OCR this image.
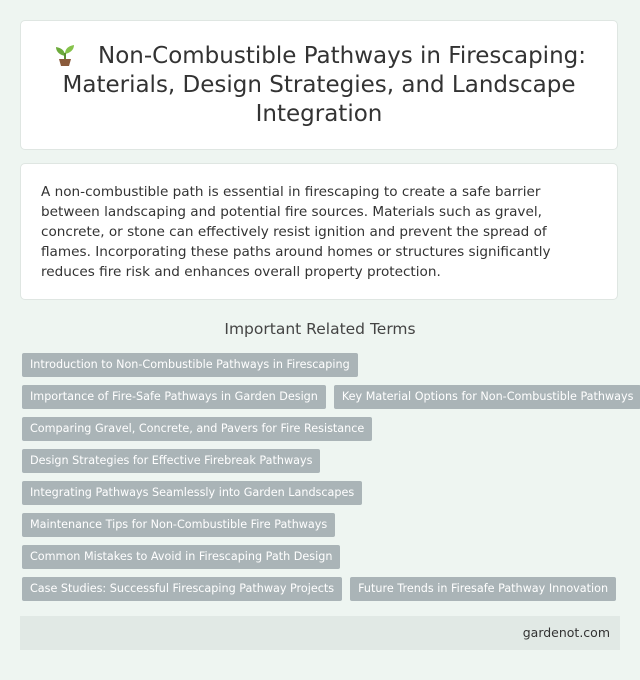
Non-Combustible Pathways in Firescaping: Materials, Design Strategies, and Landscape Integration

A non-combustible path is essential in firescaping to create a safe barrier between landscaping and potential fire sources. Materials such as gravel, concrete, or stone can effectively resist ignition and prevent the spread of flames. Incorporating these paths around homes or structures significantly reduces fire risk and enhances overall property protection.

Important Related Terms
Introduction to Non-Combustible Pathways in Firescaping
Importance of Fire-Safe Pathways in Garden Design	Key Material Options for Non-Combustible Pathways
Comparing Gravel, Concrete, and Pavers for Fire Resistance
Design Strategies for Effective Firebreak Pathways
Integrating Pathways Seamlessly into Garden Landscapes
Maintenance Tips for Non-Combustible Fire Pathways
Common Mistakes to Avoid in Firescaping Path Design
Case Studies: Successful Firescaping Pathway Projects	Future Trends in Firesafe Pathway Innovation
gardenot.com
